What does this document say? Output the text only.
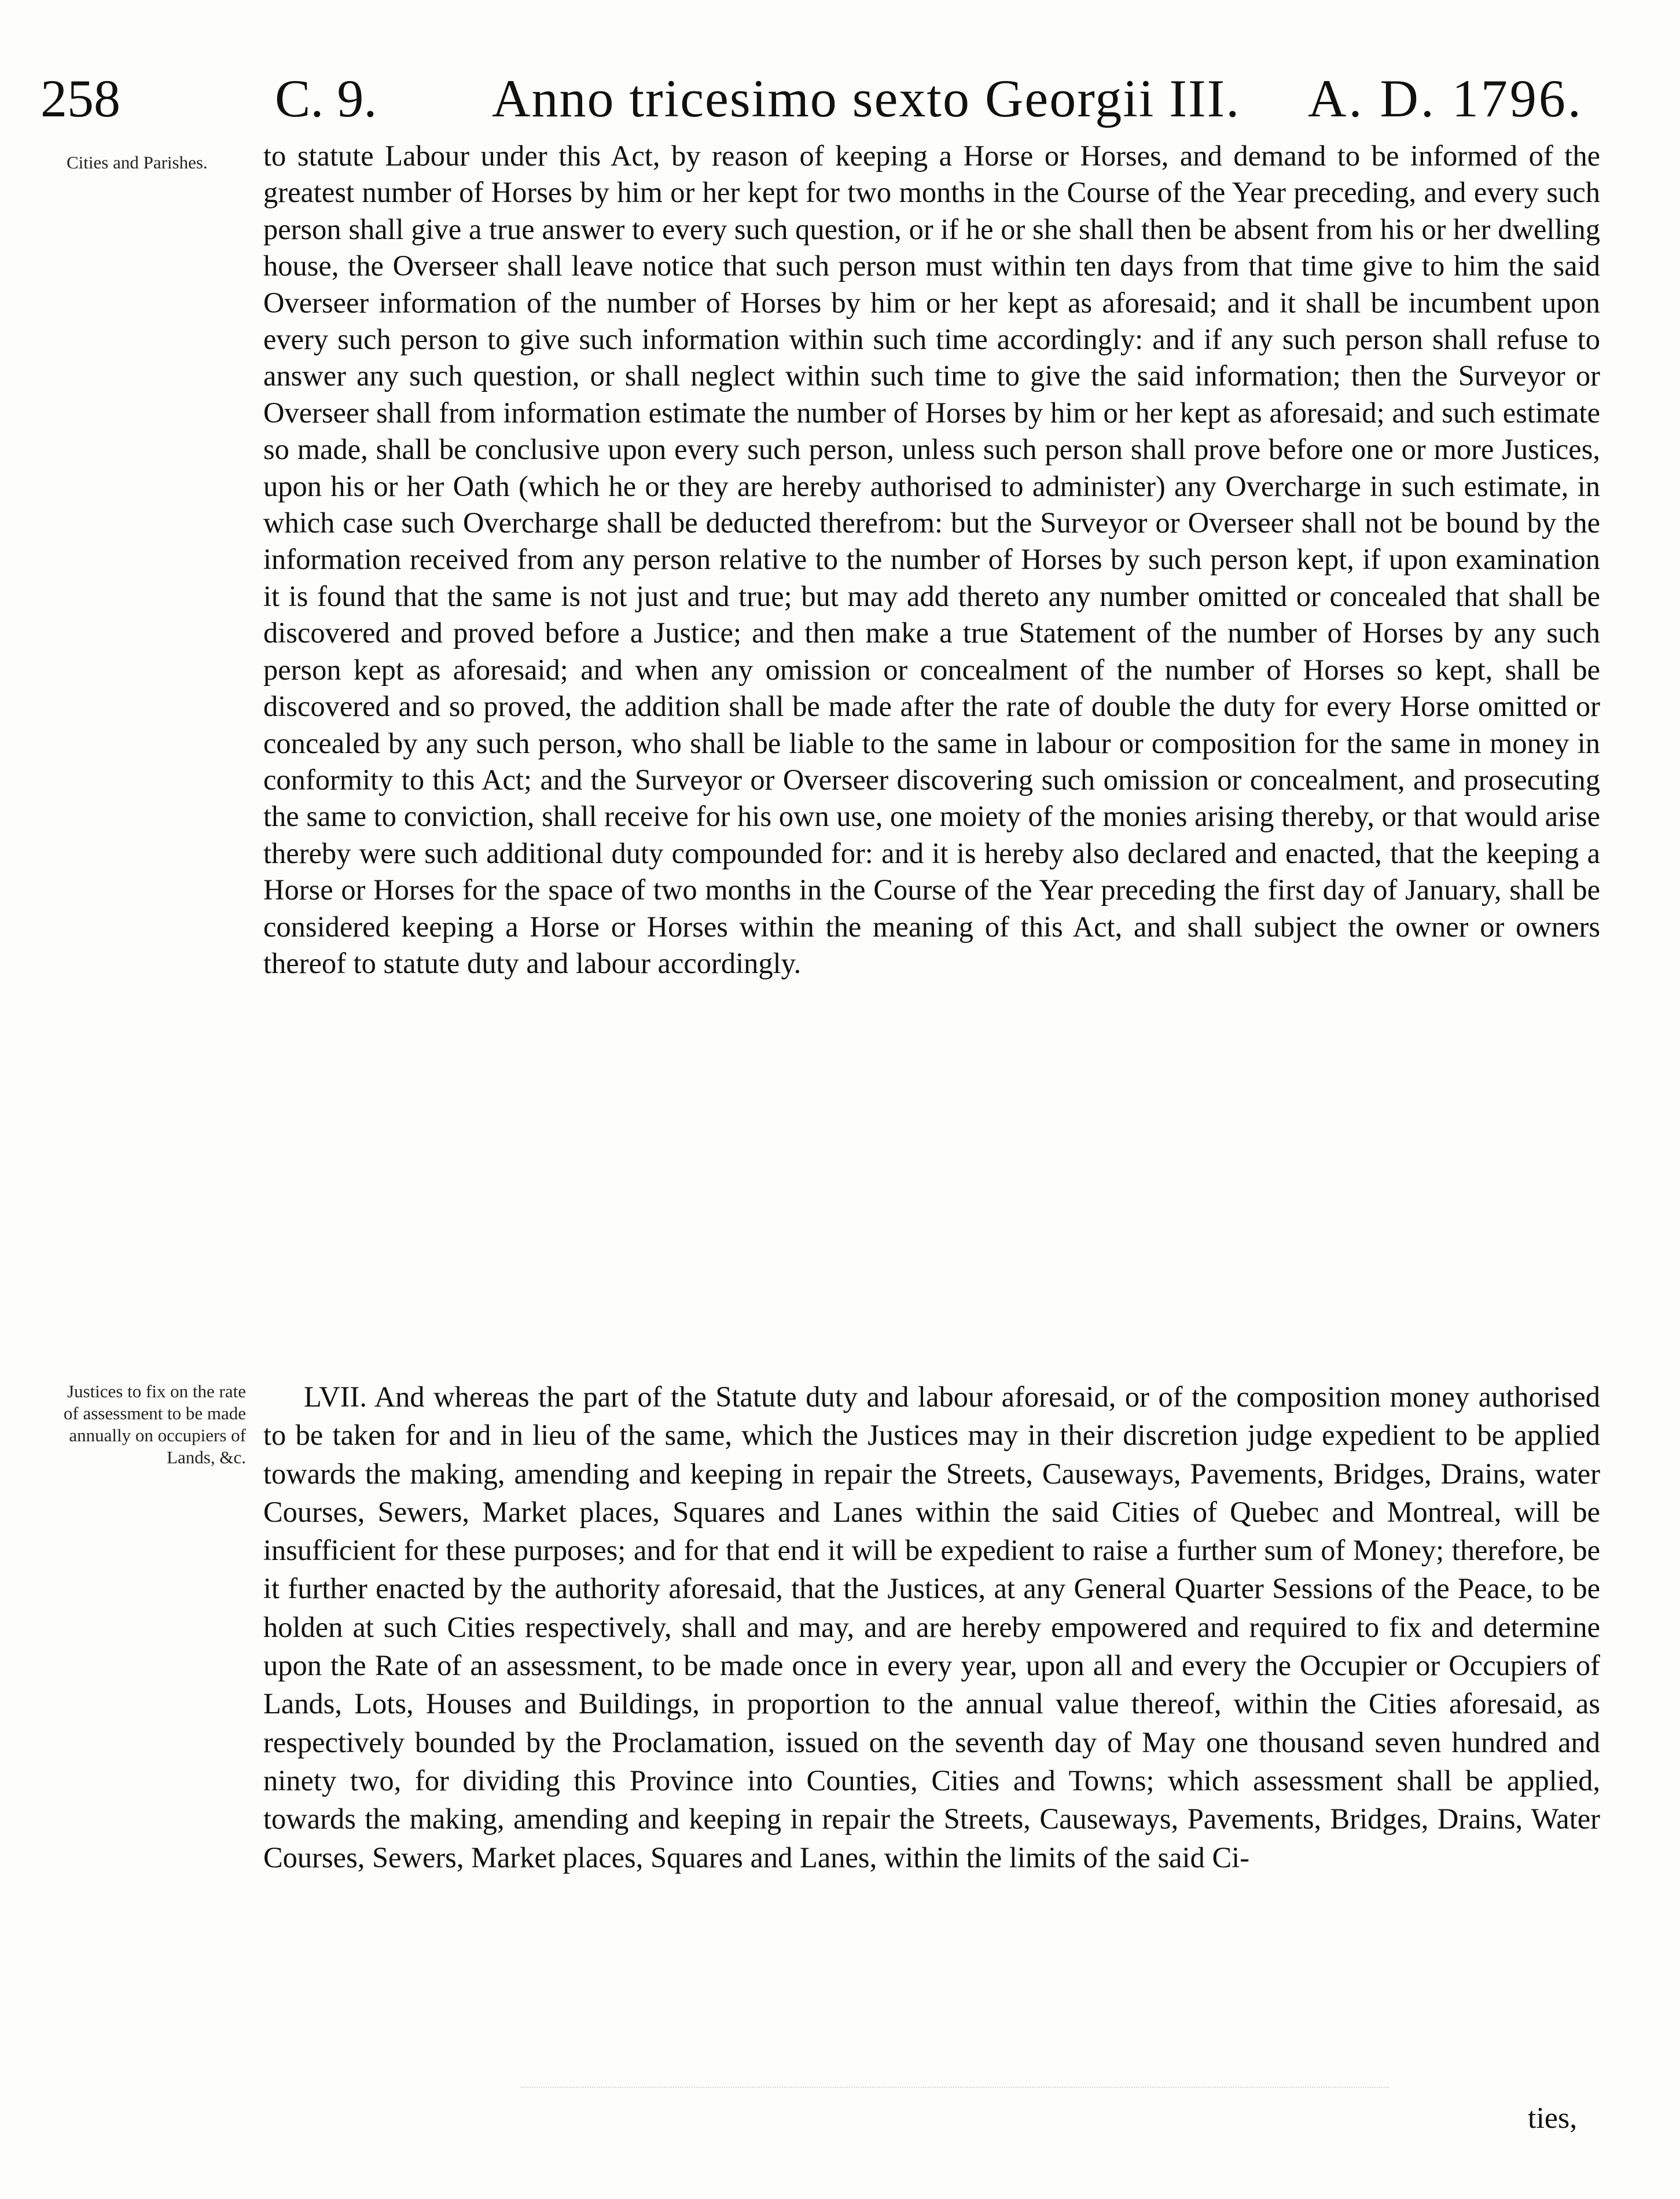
258	C. 9. Anno tricesimo sexto Georgii III. A. D. 1796.
Cities and Parishes.	to statute Labour under this Act, by reason of keeping a Horse or Horses, and demand to be informed of the greatest number of Horses by him or her kept for two months in the Course of the Year preceding, and every such person shall give a true answer to every such question, or if he or she shall then be absent from his or her dwelling house, the Overseer shall leave notice that such person must within ten days from that time give to him the said Overseer information of the number of Horses by him or her kept as aforesaid; and it shall be incumbent upon every such person to give such information within such time accordingly: and if any such person shall refuse to answer any such question, or shall neglect within such time to give the said information; then the Surveyor or Overseer shall from information estimate the number of Horses by him or her kept as aforesaid; and such estimate so made, shall be conclusive upon every such person, unless such person shall prove before one or more Justices, upon his or her Oath (which he or they are hereby authorised to administer) any Overcharge in such estimate, in which case such Overcharge shall be deducted therefrom: but the Surveyor or Overseer shall not be bound by the information received from any person relative to the number of Horses by such person kept, if upon examination it is found that the same is not just and true; but may add thereto any number omitted or concealed that shall be discovered and proved before a Justice; and then make a true Statement of the number of Horses by any such person kept as aforesaid; and when any omission or concealment of the number of Horses so kept, shall be discovered and so proved, the addition shall be made after the rate of double the duty for every Horse omitted or concealed by any such person, who shall be liable to the same in labour or composition for the same in money in conformity to this Act; and the Surveyor or Overseer discovering such omission or concealment, and prosecuting the same to conviction, shall receive for his own use, one moiety of the monies arising thereby, or that would arise thereby were such additional duty compounded for: and it is hereby also declared and enacted, that the keeping a Horse or Horses for the space of two months in the Course of the Year preceding the first day of January, shall be considered keeping a Horse or Horses within the meaning of this Act, and shall subject the owner or owners thereof to statute duty and labour accordingly.

Justices to fix on the rate of assessment to be made annually on occupiers of Lands, &c.

LVII. And whereas the part of the Statute duty and labour aforesaid, or of the composition money authorised to be taken for and in lieu of the same, which the Justices may in their discretion judge expedient to be applied towards the making, amending and keeping in repair the Streets, Causeways, Pavements, Bridges, Drains, water Courses, Sewers, Market places, Squares and Lanes within the said Cities of Quebec and Montreal, will be insufficient for these purposes; and for that end it will be expedient to raise a further sum of Money; therefore, be it further enacted by the authority aforesaid, that the Justices, at any General Quarter Sessions of the Peace, to be holden at such Cities respectively, shall and may, and are hereby empowered and required to fix and determine upon the Rate of an assessment, to be made once in every year, upon all and every the Occupier or Occupiers of Lands, Lots, Houses and Buildings, in proportion to the annual value thereof, within the Cities aforesaid, as respectively bounded by the Proclamation, issued on the seventh day of May one thousand seven hundred and ninety two, for dividing this Province into Counties, Cities and Towns; which assessment shall be applied, towards the making, amending and keeping in repair the Streets, Causeways, Pavements, Bridges, Drains, Water Courses, Sewers, Market places, Squares and Lanes, within the limits of the said Ci-

ties,
